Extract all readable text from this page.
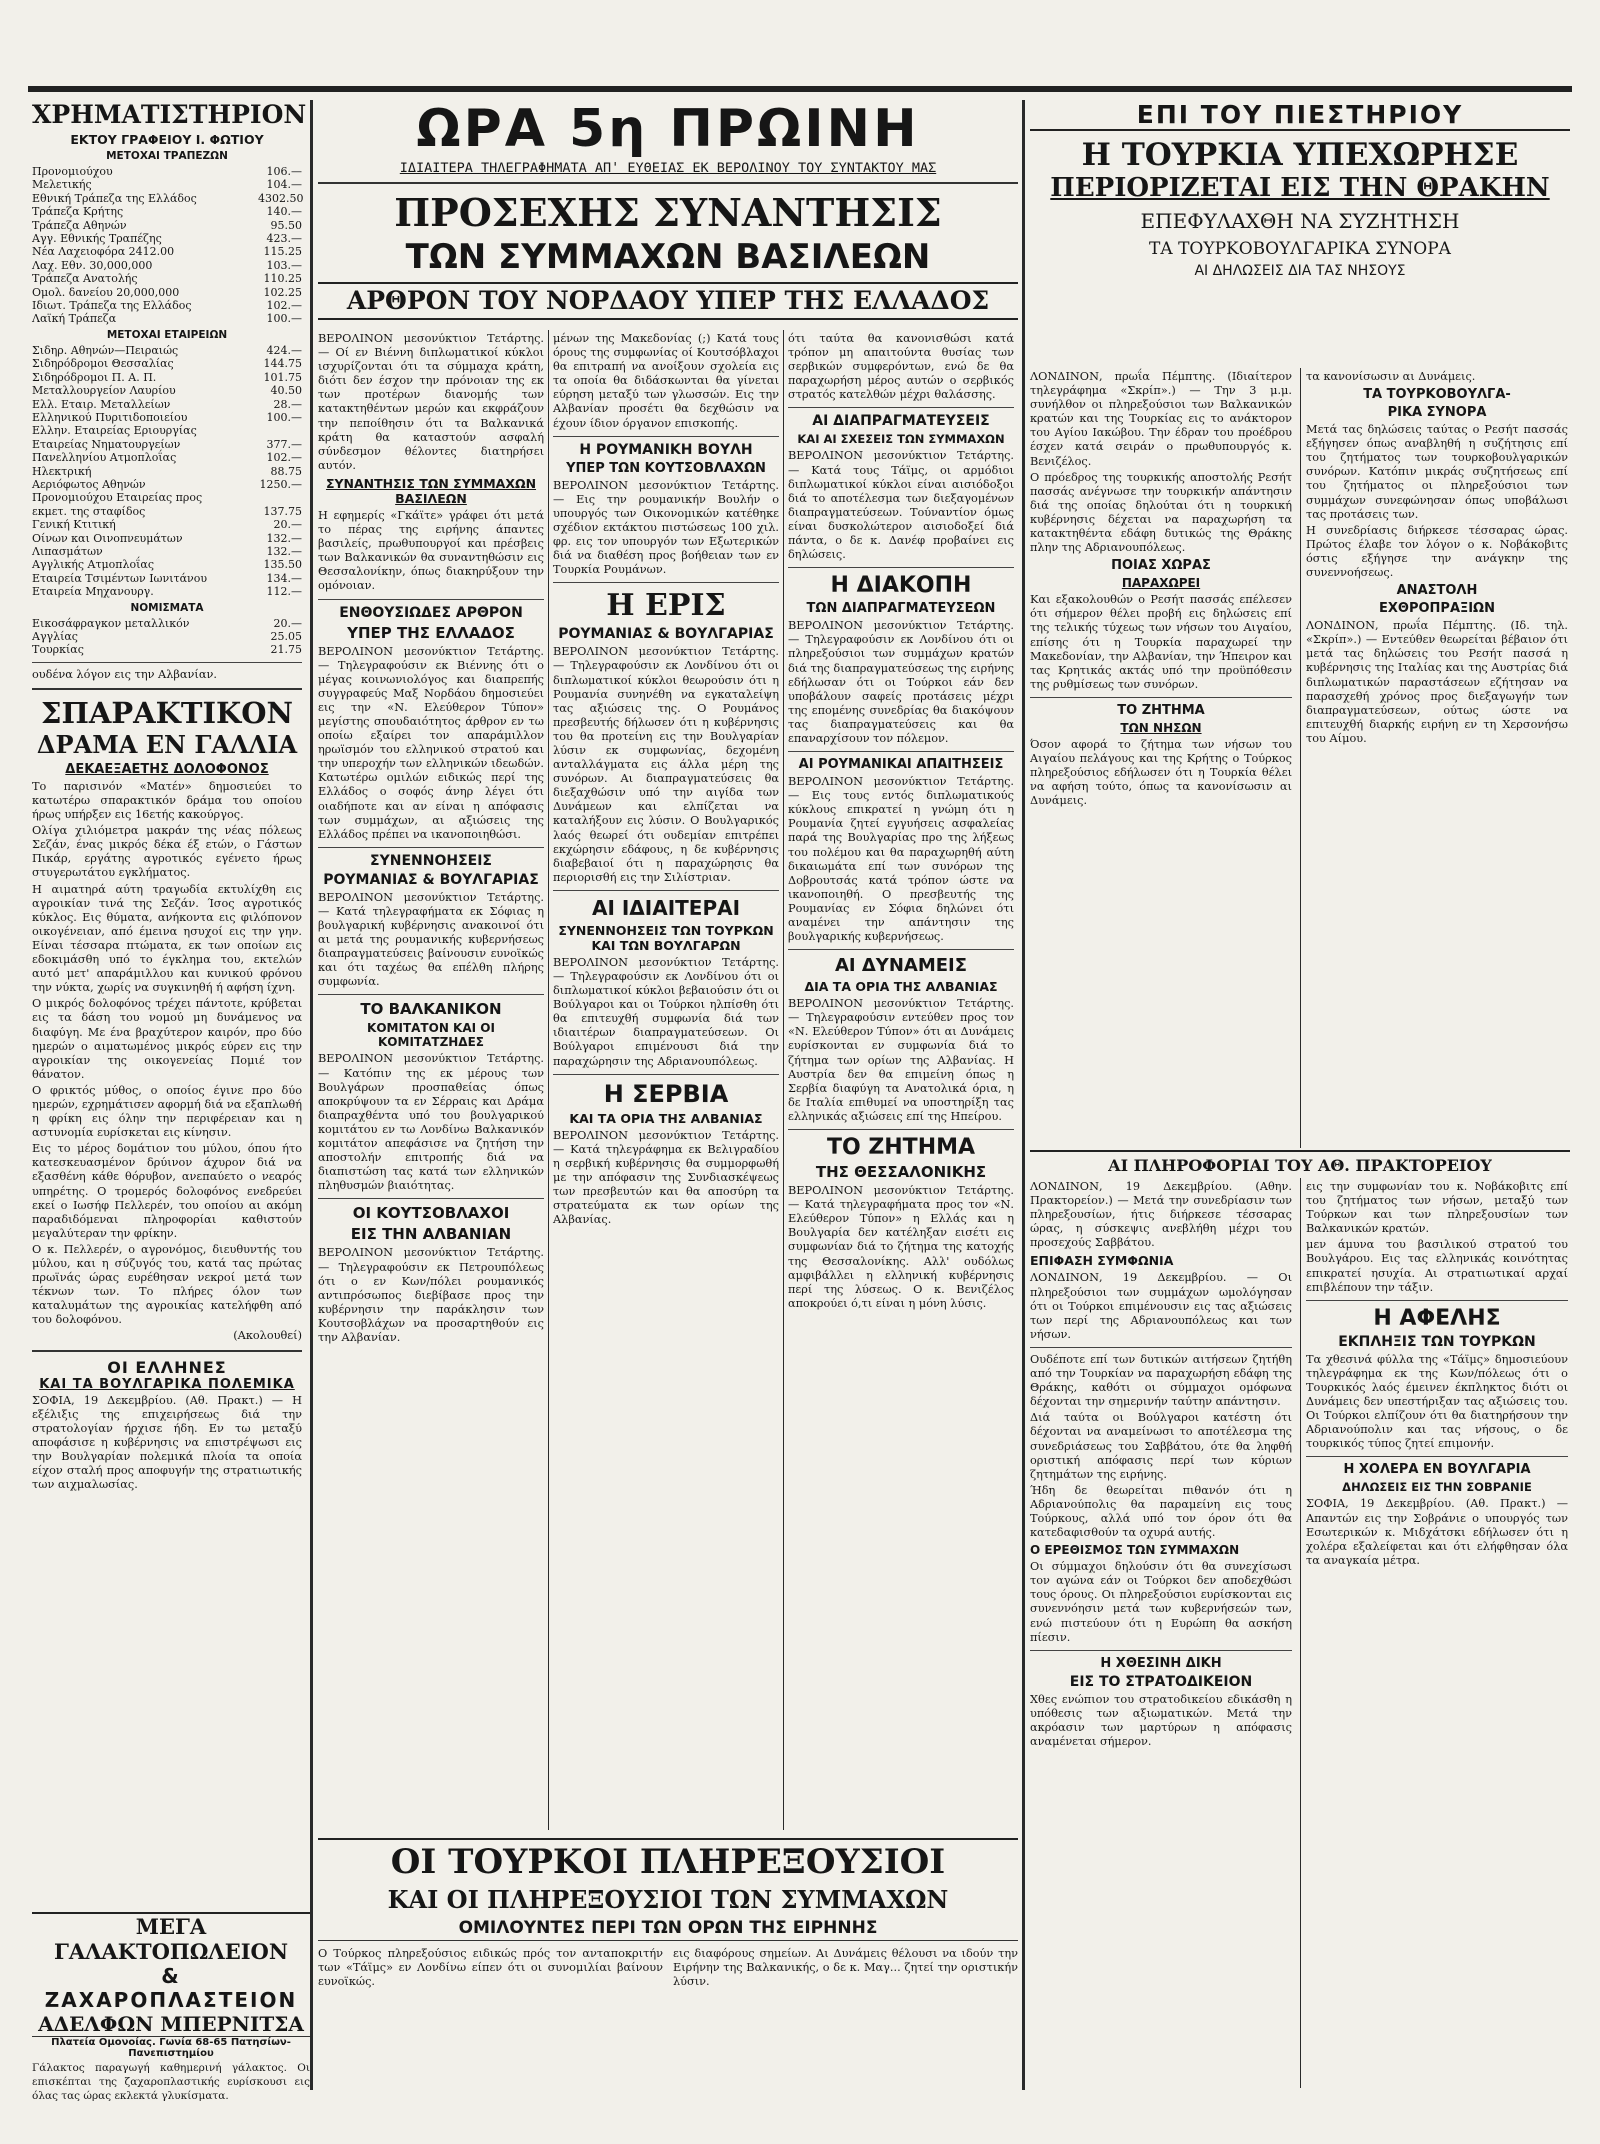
ΧΡΗΜΑΤΙΣΤΗΡΙΟΝ
ΕΚΤΟΥ ΓΡΑΦΕΙΟΥ Ι. ΦΩΤΙΟΥ
ΜΕΤΟΧΑΙ ΤΡΑΠΕΖΩΝ
Προνομιούχου	106.—
Μελετικής	104.—
Εθνική Τράπεζα της Ελλάδος	4302.50
Τράπεζα Κρήτης	140.—
Τράπεζα Αθηνών	95.50
Αγγ. Εθνικής Τραπέζης	423.—
Νέα Λαχειοφόρα 2412.00	115.25
Λαχ. Εθν. 30,000,000	103.—
Τράπεζα Ανατολής	110.25
Ομολ. δανείου 20,000,000	102.25
Ιδιωτ. Τράπεζα της Ελλάδος	102.—
Λαϊκή Τράπεζα	100.—
ΜΕΤΟΧΑΙ ΕΤΑΙΡΕΙΩΝ
Σιδηρ. Αθηνών—Πειραιώς	424.—
Σιδηρόδρομοι Θεσσαλίας	144.75
Σιδηρόδρομοι Π. Α. Π.	101.75
Μεταλλουργείον Λαυρίου	40.50
Ελλ. Εταιρ. Μεταλλείων	28.—
Ελληνικού Πυριτιδοποιείου	100.—
Ελλην. Εταιρείας Εριουργίας
Εταιρείας Νηματουργείων	377.—
Πανελληνίου Ατμοπλοΐας	102.—
Ηλεκτρική	88.75
Αεριόφωτος Αθηνών	1250.—
Προνομιούχου Εταιρείας προς
εκμετ. της σταφίδος	137.75
Γενική Κτιτική	20.—
Οίνων και Οινοπνευμάτων	132.—
Λιπασμάτων	132.—
Αγγλικής Ατμοπλοΐας	135.50
Εταιρεία Τσιμέντων Ιωνιτάνου	134.—
Εταιρεία Μηχανουργ.	112.—
ΝΟΜΙΣΜΑΤΑ
Εικοσάφραγκον μεταλλικόν	20.—
Αγγλίας	25.05
Τουρκίας	21.75
ουδένα λόγον εις την Αλβανίαν.
ΣΠΑΡΑΚΤΙΚΟΝ
ΔΡΑΜΑ ΕΝ ΓΑΛΛΙΑ
ΔΕΚΑΕΞΑΕΤΗΣ ΔΟΛΟΦΟΝΟΣ
Το παρισινόν «Ματέν» δημοσιεύει το κατωτέρω σπαρακτικόν δράμα του οποίου ήρως υπήρξεν εις 16ετής κακούργος.
Ολίγα χιλιόμετρα μακράν της νέας πόλεως Σεζάν, ένας μικρός δέκα έξ ετών, ο Γάστων Πικάρ, εργάτης αγροτικός εγένετο ήρως στυγερωτάτου εγκλήματος.
Η αιματηρά αύτη τραγωδία εκτυλίχθη εις αγροικίαν τινά της Σεζάν. Ίσος αγροτικός κύκλος. Εις θύματα, ανήκοντα εις φιλόπονον οικογένειαν, από έμεινα ησυχοί εις την γην. Είναι τέσσαρα πτώματα, εκ των οποίων εις εδοκιμάσθη υπό το έγκλημα του, εκτελών αυτό μετ' απαράμιλλου και κυνικού φρόνου την νύκτα, χωρίς να συγκινηθή ή αφήση ίχνη.
Ο μικρός δολοφόνος τρέχει πάντοτε, κρύβεται εις τα δάση του νομού μη δυνάμενος να διαφύγη. Με ένα βραχύτερον καιρόν, προ δύο ημερών ο αιματωμένος μικρός εύρεν εις την αγροικίαν της οικογενείας Πομιέ τον θάνατον.
Ο φρικτός μύθος, ο οποίος έγινε προ δύο ημερών, εχρημάτισεν αφορμή διά να εξαπλωθή η φρίκη εις όλην την περιφέρειαν και η αστυνομία ευρίσκεται εις κίνησιν.
Εις το μέρος δομάτιον του μύλου, όπου ήτο κατεσκευασμένον δρύινον άχυρον διά να εξασθένη κάθε θόρυβον, ανεπαύετο ο νεαρός υπηρέτης. Ο τρομερός δολοφόνος ενεδρεύει εκεί ο Ιωσήφ Πελλερέν, του οποίου αι ακόμη παραδιδόμεναι πληροφορίαι καθιστούν μεγαλύτεραν την φρίκην.
Ο κ. Πελλερέν, ο αγρονόμος, διευθυντής του μύλου, και η σύζυγός του, κατά τας πρώτας πρωϊνάς ώρας ευρέθησαν νεκροί μετά των τέκνων των. Το πλήρες όλον των καταλυμάτων της αγροικίας κατελήφθη από του δολοφόνου.
(Ακολουθεί)
ΟΙ ΕΛΛΗΝΕΣ
ΚΑΙ ΤΑ ΒΟΥΛΓΑΡΙΚΑ ΠΟΛΕΜΙΚΑ
ΣΟΦΙΑ, 19 Δεκεμβρίου. (Αθ. Πρακτ.) — Η εξέλιξις της επιχειρήσεως διά την στρατολογίαν ήρχισε ήδη. Εν τω μεταξύ αποφάσισε η κυβέρνησις να επιστρέψωσι εις την Βουλγαρίαν πολεμικά πλοία τα οποία είχον σταλή προς αποφυγήν της στρατιωτικής των αιχμαλωσίας.
ΩΡΑ 5η ΠΡΩΙΝΗ
ΙΔΙΑΙΤΕΡΑ ΤΗΛΕΓΡΑΦΗΜΑΤΑ ΑΠ' ΕΥΘΕΙΑΣ ΕΚ ΒΕΡΟΛΙΝΟΥ ΤΟΥ ΣΥΝΤΑΚΤΟΥ ΜΑΣ
ΠΡΟΣΕΧΗΣ ΣΥΝΑΝΤΗΣΙΣ
ΤΩΝ ΣΥΜΜΑΧΩΝ ΒΑΣΙΛΕΩΝ
ΑΡΘΡΟΝ ΤΟΥ ΝΟΡΔΑΟΥ ΥΠΕΡ ΤΗΣ ΕΛΛΑΔΟΣ
ΒΕΡΟΛΙΝΟΝ μεσονύκτιον Τετάρτης. — Οί εν Βιέννη διπλωματικοί κύκλοι ισχυρίζονται ότι τα σύμμαχα κράτη, διότι δεν έσχον την πρόνοιαν της εκ των προτέρων διανομής των κατακτηθέντων μερών και εκφράζουν την πεποίθησιν ότι τα Βαλκανικά κράτη θα καταστούν ασφαλή σύνδεσμον θέλοντες διατηρήσει αυτόν.
ΣΥΝΑΝΤΗΣΙΣ ΤΩΝ ΣΥΜΜΑΧΩΝ ΒΑΣΙΛΕΩΝ
Η εφημερίς «Γκάϊτε» γράφει ότι μετά το πέρας της ειρήνης άπαντες βασιλείς, πρωθυπουργοί και πρέσβεις των Βαλκανικών θα συναντηθώσιν εις Θεσσαλονίκην, όπως διακηρύξουν την ομόνοιαν.
ΕΝΘΟΥΣΙΩΔΕΣ ΑΡΘΡΟΝ
ΥΠΕΡ ΤΗΣ ΕΛΛΑΔΟΣ
ΒΕΡΟΛΙΝΟΝ μεσονύκτιον Τετάρτης. — Τηλεγραφούσιν εκ Βιέννης ότι ο μέγας κοινωνιολόγος και διαπρεπής συγγραφεύς Μαξ Νορδάου δημοσιεύει εις την «Ν. Ελεύθερον Τύπον» μεγίστης σπουδαιότητος άρθρον εν τω οποίω εξαίρει τον απαράμιλλον ηρωϊσμόν του ελληνικού στρατού και την υπεροχήν των ελληνικών ιδεωδών. Κατωτέρω ομιλών ειδικώς περί της Ελλάδος ο σοφός άνηρ λέγει ότι οιαδήποτε και αν είναι η απόφασις των συμμάχων, αι αξιώσεις της Ελλάδος πρέπει να ικανοποιηθώσι.
ΣΥΝΕΝΝΟΗΣΕΙΣ
ΡΟΥΜΑΝΙΑΣ & ΒΟΥΛΓΑΡΙΑΣ
ΒΕΡΟΛΙΝΟΝ μεσονύκτιον Τετάρτης. — Κατά τηλεγραφήματα εκ Σόφιας η βουλγαρική κυβέρνησις ανακοινοί ότι αι μετά της ρουμανικής κυβερνήσεως διαπραγματεύσεις βαίνουσιν ευνοϊκώς και ότι ταχέως θα επέλθη πλήρης συμφωνία.
ΤΟ ΒΑΛΚΑΝΙΚΟΝ
ΚΟΜΙΤΑΤΟΝ ΚΑΙ ΟΙ ΚΟΜΙΤΑΤΖΗΔΕΣ
ΒΕΡΟΛΙΝΟΝ μεσονύκτιον Τετάρτης. — Κατόπιν της εκ μέρους των Βουλγάρων προσπαθείας όπως αποκρύψουν τα εν Σέρραις και Δράμα διαπραχθέντα υπό του βουλγαρικού κομιτάτου εν τω Λονδίνω Βαλκανικόν κομιτάτον απεφάσισε να ζητήση την αποστολήν επιτροπής διά να διαπιστώση τας κατά των ελληνικών πληθυσμών βιαιότητας.
ΟΙ ΚΟΥΤΣΟΒΛΑΧΟΙ
ΕΙΣ ΤΗΝ ΑΛΒΑΝΙΑΝ
ΒΕΡΟΛΙΝΟΝ μεσονύκτιον Τετάρτης. — Τηλεγραφούσιν εκ Πετρουπόλεως ότι ο εν Κων/πόλει ρουμανικός αντιπρόσωπος διεβίβασε προς την κυβέρνησιν την παράκλησιν των Κουτσοβλάχων να προσαρτηθούν εις την Αλβανίαν.
μένων της Μακεδονίας (;) Κατά τους όρους της συμφωνίας οί Κουτσόβλαχοι θα επιτραπή να ανοίξουν σχολεία εις τα οποία θα διδάσκωνται θα γίνεται εύρηση μεταξύ των γλωσσών. Εις την Αλβανίαν προσέτι θα δεχθώσιν να έχουν ίδιον όργανον επισκοπής.
Η ΡΟΥΜΑΝΙΚΗ ΒΟΥΛΗ
ΥΠΕΡ ΤΩΝ ΚΟΥΤΣΟΒΛΑΧΩΝ
ΒΕΡΟΛΙΝΟΝ μεσονύκτιον Τετάρτης. — Εις την ρουμανικήν Βουλήν ο υπουργός των Οικονομικών κατέθηκε σχέδιον εκτάκτου πιστώσεως 100 χιλ. φρ. εις τον υπουργόν των Εξωτερικών διά να διαθέση προς βοήθειαν των εν Τουρκία Ρουμάνων.
Η ΕΡΙΣ
ΡΟΥΜΑΝΙΑΣ & ΒΟΥΛΓΑΡΙΑΣ
ΒΕΡΟΛΙΝΟΝ μεσονύκτιον Τετάρτης. — Τηλεγραφούσιν εκ Λονδίνου ότι οι διπλωματικοί κύκλοι θεωρούσιν ότι η Ρουμανία συνηνέθη να εγκαταλείψη τας αξιώσεις της. Ο Ρουμάνος πρεσβευτής δήλωσεν ότι η κυβέρνησις του θα προτείνη εις την Βουλγαρίαν λύσιν εκ συμφωνίας, δεχομένη ανταλλάγματα εις άλλα μέρη της συνόρων. Αι διαπραγματεύσεις θα διεξαχθώσιν υπό την αιγίδα των Δυνάμεων και ελπίζεται να καταλήξουν εις λύσιν. Ο Βουλγαρικός λαός θεωρεί ότι ουδεμίαν επιτρέπει εκχώρησιν εδάφους, η δε κυβέρνησις διαβεβαιοί ότι η παραχώρησις θα περιορισθή εις την Σιλίστριαν.
ΑΙ ΙΔΙΑΙΤΕΡΑΙ
ΣΥΝΕΝΝΟΗΣΕΙΣ ΤΩΝ ΤΟΥΡΚΩΝ ΚΑΙ ΤΩΝ ΒΟΥΛΓΑΡΩΝ
ΒΕΡΟΛΙΝΟΝ μεσονύκτιον Τετάρτης. — Τηλεγραφούσιν εκ Λονδίνου ότι οι διπλωματικοί κύκλοι βεβαιούσιν ότι οι Βούλγαροι και οι Τούρκοι ηλπίσθη ότι θα επιτευχθή συμφωνία διά των ιδιαιτέρων διαπραγματεύσεων. Οι Βούλγαροι επιμένουσι διά την παραχώρησιν της Αδριανουπόλεως.
Η ΣΕΡΒΙΑ
ΚΑΙ ΤΑ ΟΡΙΑ ΤΗΣ ΑΛΒΑΝΙΑΣ
ΒΕΡΟΛΙΝΟΝ μεσονύκτιον Τετάρτης. — Κατά τηλεγράφημα εκ Βελιγραδίου η σερβική κυβέρνησις θα συμμορφωθή με την απόφασιν της Συνδιασκέψεως των πρεσβευτών και θα αποσύρη τα στρατεύματα εκ των ορίων της Αλβανίας.
ότι ταύτα θα κανονισθώσι κατά τρόπον μη απαιτούντα θυσίας των σερβικών συμφερόντων, ενώ δε θα παραχωρήση μέρος αυτών ο σερβικός στρατός κατελθών μέχρι θαλάσσης.
ΑΙ ΔΙΑΠΡΑΓΜΑΤΕΥΣΕΙΣ
ΚΑΙ ΑΙ ΣΧΕΣΕΙΣ ΤΩΝ ΣΥΜΜΑΧΩΝ
ΒΕΡΟΛΙΝΟΝ μεσονύκτιον Τετάρτης. — Κατά τους Τάϊμς, οι αρμόδιοι διπλωματικοί κύκλοι είναι αισιόδοξοι διά το αποτέλεσμα των διεξαγομένων διαπραγματεύσεων. Τούναντίον όμως είναι δυσκολώτερον αισιοδοξεί διά πάντα, ο δε κ. Δανέφ προβαίνει εις δηλώσεις.
Η ΔΙΑΚΟΠΗ
ΤΩΝ ΔΙΑΠΡΑΓΜΑΤΕΥΣΕΩΝ
ΒΕΡΟΛΙΝΟΝ μεσονύκτιον Τετάρτης. — Τηλεγραφούσιν εκ Λονδίνου ότι οι πληρεξούσιοι των συμμάχων κρατών διά της διαπραγματεύσεως της ειρήνης εδήλωσαν ότι οι Τούρκοι εάν δεν υποβάλουν σαφείς προτάσεις μέχρι της επομένης συνεδρίας θα διακόψουν τας διαπραγματεύσεις και θα επαναρχίσουν τον πόλεμον.
ΑΙ ΡΟΥΜΑΝΙΚΑΙ ΑΠΑΙΤΗΣΕΙΣ
ΒΕΡΟΛΙΝΟΝ μεσονύκτιον Τετάρτης. — Εις τους εντός διπλωματικούς κύκλους επικρατεί η γνώμη ότι η Ρουμανία ζητεί εγγυήσεις ασφαλείας παρά της Βουλγαρίας προ της λήξεως του πολέμου και θα παραχωρηθή αύτη δικαιωμάτα επί των συνόρων της Δοβρουτσάς κατά τρόπον ώστε να ικανοποιηθή. Ο πρεσβευτής της Ρουμανίας εν Σόφια δηλώνει ότι αναμένει την απάντησιν της βουλγαρικής κυβερνήσεως.
ΑΙ ΔΥΝΑΜΕΙΣ
ΔΙΑ ΤΑ ΟΡΙΑ ΤΗΣ ΑΛΒΑΝΙΑΣ
ΒΕΡΟΛΙΝΟΝ μεσονύκτιον Τετάρτης. — Τηλεγραφούσιν εντεύθεν προς τον «Ν. Ελεύθερον Τύπον» ότι αι Δυνάμεις ευρίσκονται εν συμφωνία διά το ζήτημα των ορίων της Αλβανίας. Η Αυστρία δεν θα επιμείνη όπως η Σερβία διαφύγη τα Ανατολικά όρια, η δε Ιταλία επιθυμεί να υποστηρίξη τας ελληνικάς αξιώσεις επί της Ηπείρου.
ΤΟ ΖΗΤΗΜΑ
ΤΗΣ ΘΕΣΣΑΛΟΝΙΚΗΣ
ΒΕΡΟΛΙΝΟΝ μεσονύκτιον Τετάρτης. — Κατά τηλεγραφήματα προς τον «Ν. Ελεύθερον Τύπον» η Ελλάς και η Βουλγαρία δεν κατέληξαν εισέτι εις συμφωνίαν διά το ζήτημα της κατοχής της Θεσσαλονίκης. Αλλ' ουδόλως αμφιβάλλει η ελληνική κυβέρνησις περί της λύσεως. Ο κ. Βενιζέλος αποκρούει ό,τι είναι η μόνη λύσις.
ΟΙ ΤΟΥΡΚΟΙ ΠΛΗΡΕΞΟΥΣΙΟΙ
ΚΑΙ ΟΙ ΠΛΗΡΕΞΟΥΣΙΟΙ ΤΩΝ ΣΥΜΜΑΧΩΝ
ΟΜΙΛΟΥΝΤΕΣ ΠΕΡΙ ΤΩΝ ΟΡΩΝ ΤΗΣ ΕΙΡΗΝΗΣ
Ο Τούρκος πληρεξούσιος ειδικώς πρός τον ανταποκριτήν των «Τάϊμς» εν Λονδίνω είπεν ότι οι συνομιλίαι βαίνουν ευνοϊκώς.
εις διαφόρους σημείων. Αι Δυνάμεις θέλουσι να ιδούν την Ειρήνην της Βαλκανικής, ο δε κ. Μαγ... ζητεί την οριστικήν λύσιν.
ΕΠΙ ΤΟΥ ΠΙΕΣΤΗΡΙΟΥ
Η ΤΟΥΡΚΙΑ ΥΠΕΧΩΡΗΣΕ
ΠΕΡΙΟΡΙΖΕΤΑΙ ΕΙΣ ΤΗΝ ΘΡΑΚΗΝ
ΕΠΕΦΥΛΑΧΘΗ ΝΑ ΣΥΖΗΤΗΣΗ
ΤΑ ΤΟΥΡΚΟΒΟΥΛΓΑΡΙΚΑ ΣΥΝΟΡΑ
ΑΙ ΔΗΛΩΣΕΙΣ ΔΙΑ ΤΑΣ ΝΗΣΟΥΣ
ΛΟΝΔΙΝΟΝ, πρωΐα Πέμπτης. (Ιδιαίτερον τηλεγράφημα «Σκρίπ».) — Την 3 μ.μ. συνήλθον οι πληρεξούσιοι των Βαλκανικών κρατών και της Τουρκίας εις το ανάκτορον του Αγίου Ιακώβου. Την έδραν του προέδρου έσχεν κατά σειράν ο πρωθυπουργός κ. Βενιζέλος.
Ο πρόεδρος της τουρκικής αποστολής Ρεσήτ πασσάς ανέγνωσε την τουρκικήν απάντησιν διά της οποίας δηλούται ότι η τουρκική κυβέρνησις δέχεται να παραχωρήση τα κατακτηθέντα εδάφη δυτικώς της Θράκης πλην της Αδριανουπόλεως.
ΠΟΙΑΣ ΧΩΡΑΣ
ΠΑΡΑΧΩΡΕΙ
Και εξακολουθών ο Ρεσήτ πασσάς επέλεσεν ότι σήμερον θέλει προβή εις δηλώσεις επί της τελικής τύχεως των νήσων του Αιγαίου, επίσης ότι η Τουρκία παραχωρεί την Μακεδονίαν, την Αλβανίαν, την Ήπειρον και τας Κρητικάς ακτάς υπό την προϋπόθεσιν της ρυθμίσεως των συνόρων.
ΤΟ ΖΗΤΗΜΑ
ΤΩΝ ΝΗΣΩΝ
Όσον αφορά το ζήτημα των νήσων του Αιγαίου πελάγους και της Κρήτης ο Τούρκος πληρεξούσιος εδήλωσεν ότι η Τουρκία θέλει να αφήση τούτο, όπως τα κανονίσωσιν αι Δυνάμεις.
τα κανονίσωσιν αι Δυνάμεις.
ΤΑ ΤΟΥΡΚΟΒΟΥΛΓΑ-
ΡΙΚΑ ΣΥΝΟΡΑ
Μετά τας δηλώσεις ταύτας ο Ρεσήτ πασσάς εξήγησεν όπως αναβληθή η συζήτησις επί του ζητήματος των τουρκοβουλγαρικών συνόρων. Κατόπιν μικράς συζητήσεως επί του ζητήματος οι πληρεξούσιοι των συμμάχων συνεφώνησαν όπως υποβάλωσι τας προτάσεις των.
Η συνεδρίασις διήρκεσε τέσσαρας ώρας. Πρώτος έλαβε τον λόγον ο κ. Νοβάκοβιτς όστις εξήγησε την ανάγκην της συνεννοήσεως.
ΑΝΑΣΤΟΛΗ
ΕΧΘΡΟΠΡΑΞΙΩΝ
ΛΟΝΔΙΝΟΝ, πρωΐα Πέμπτης. (Ιδ. τηλ. «Σκρίπ».) — Εντεύθεν θεωρείται βέβαιον ότι μετά τας δηλώσεις του Ρεσήτ πασσά η κυβέρνησις της Ιταλίας και της Αυστρίας διά διπλωματικών παραστάσεων εζήτησαν να παρασχεθή χρόνος προς διεξαγωγήν των διαπραγματεύσεων, ούτως ώστε να επιτευχθή διαρκής ειρήνη εν τη Χερσονήσω του Αίμου.
ΑΙ ΠΛΗΡΟΦΟΡΙΑΙ ΤΟΥ ΑΘ. ΠΡΑΚΤΟΡΕΙΟΥ
ΛΟΝΔΙΝΟΝ, 19 Δεκεμβρίου. (Αθην. Πρακτορείον.) — Μετά την συνεδρίασιν των πληρεξουσίων, ήτις διήρκεσε τέσσαρας ώρας, η σύσκεψις ανεβλήθη μέχρι του προσεχούς Σαββάτου.
ΕΠΙΦΑΣΗ ΣΥΜΦΩΝΙΑ
ΛΟΝΔΙΝΟΝ, 19 Δεκεμβρίου. — Οι πληρεξούσιοι των συμμάχων ωμολόγησαν ότι οι Τούρκοι επιμένουσιν εις τας αξιώσεις των περί της Αδριανουπόλεως και των νήσων.
Ουδέποτε επί των δυτικών αιτήσεων ζητήθη από την Τουρκίαν να παραχωρήση εδάφη της Θράκης, καθότι οι σύμμαχοι ομόφωνα δέχονται την σημερινήν ταύτην απάντησιν.
Διά ταύτα οι Βούλγαροι κατέστη ότι δέχονται να αναμείνωσι το αποτέλεσμα της συνεδριάσεως του Σαββάτου, ότε θα ληφθή οριστική απόφασις περί των κύριων ζητημάτων της ειρήνης.
Ήδη δε θεωρείται πιθανόν ότι η Αδριανούπολις θα παραμείνη εις τους Τούρκους, αλλά υπό τον όρον ότι θα κατεδαφισθούν τα οχυρά αυτής.
Ο ΕΡΕΘΙΣΜΟΣ ΤΩΝ ΣΥΜΜΑΧΩΝ
Οι σύμμαχοι δηλούσιν ότι θα συνεχίσωσι τον αγώνα εάν οι Τούρκοι δεν αποδεχθώσι τους όρους. Οι πληρεξούσιοι ευρίσκονται εις συνεννόησιν μετά των κυβερνήσεών των, ενώ πιστεύουν ότι η Ευρώπη θα ασκήση πίεσιν.
Η ΧΘΕΣΙΝΗ ΔΙΚΗ
ΕΙΣ ΤΟ ΣΤΡΑΤΟΔΙΚΕΙΟΝ
Χθες ενώπιον του στρατοδικείου εδικάσθη η υπόθεσις των αξιωματικών. Μετά την ακρόασιν των μαρτύρων η απόφασις αναμένεται σήμερον.
εις την συμφωνίαν του κ. Νοβάκοβιτς επί του ζητήματος των νήσων, μεταξύ των Τούρκων και των πληρεξουσίων των Βαλκανικών κρατών.
μεν άμυνα του βασιλικού στρατού του Βουλγάρου. Εις τας ελληνικάς κοινότητας επικρατεί ησυχία. Αι στρατιωτικαί αρχαί επιβλέπουν την τάξιν.
Η ΑΦΕΛΗΣ
ΕΚΠΛΗΞΙΣ ΤΩΝ ΤΟΥΡΚΩΝ
Τα χθεσινά φύλλα της «Τάϊμς» δημοσιεύουν τηλεγράφημα εκ της Κων/πόλεως ότι ο Τουρκικός λαός έμεινεν έκπληκτος διότι οι Δυνάμεις δεν υπεστήριξαν τας αξιώσεις του. Οι Τούρκοι ελπίζουν ότι θα διατηρήσουν την Αδριανούπολιν και τας νήσους, ο δε τουρκικός τύπος ζητεί επιμονήν.
Η ΧΟΛΕΡΑ ΕΝ ΒΟΥΛΓΑΡΙΑ
ΔΗΛΩΣΕΙΣ ΕΙΣ ΤΗΝ ΣΟΒΡΑΝΙΕ
ΣΟΦΙΑ, 19 Δεκεμβρίου. (Αθ. Πρακτ.) — Απαντών εις την Σοβράνιε ο υπουργός των Εσωτερικών κ. Μιδχάτσκι εδήλωσεν ότι η χολέρα εξαλείφεται και ότι ελήφθησαν όλα τα αναγκαία μέτρα.
ΜΕΓΑ ΓΑΛΑΚΤΟΠΩΛΕΙΟΝ
& ΖΑΧΑΡΟΠΛΑΣΤΕΙΟΝ
ΑΔΕΛΦΩΝ ΜΠΕΡΝΙΤΣΑ
Πλατεία Ομονοίας. Γωνία 68-65 Πατησίων-Πανεπιστημίου
Γάλακτος παραγωγή καθημερινή γάλακτος. Οι επισκέπται της ζαχαροπλαστικής ευρίσκουσι εις όλας τας ώρας εκλεκτά γλυκίσματα.
